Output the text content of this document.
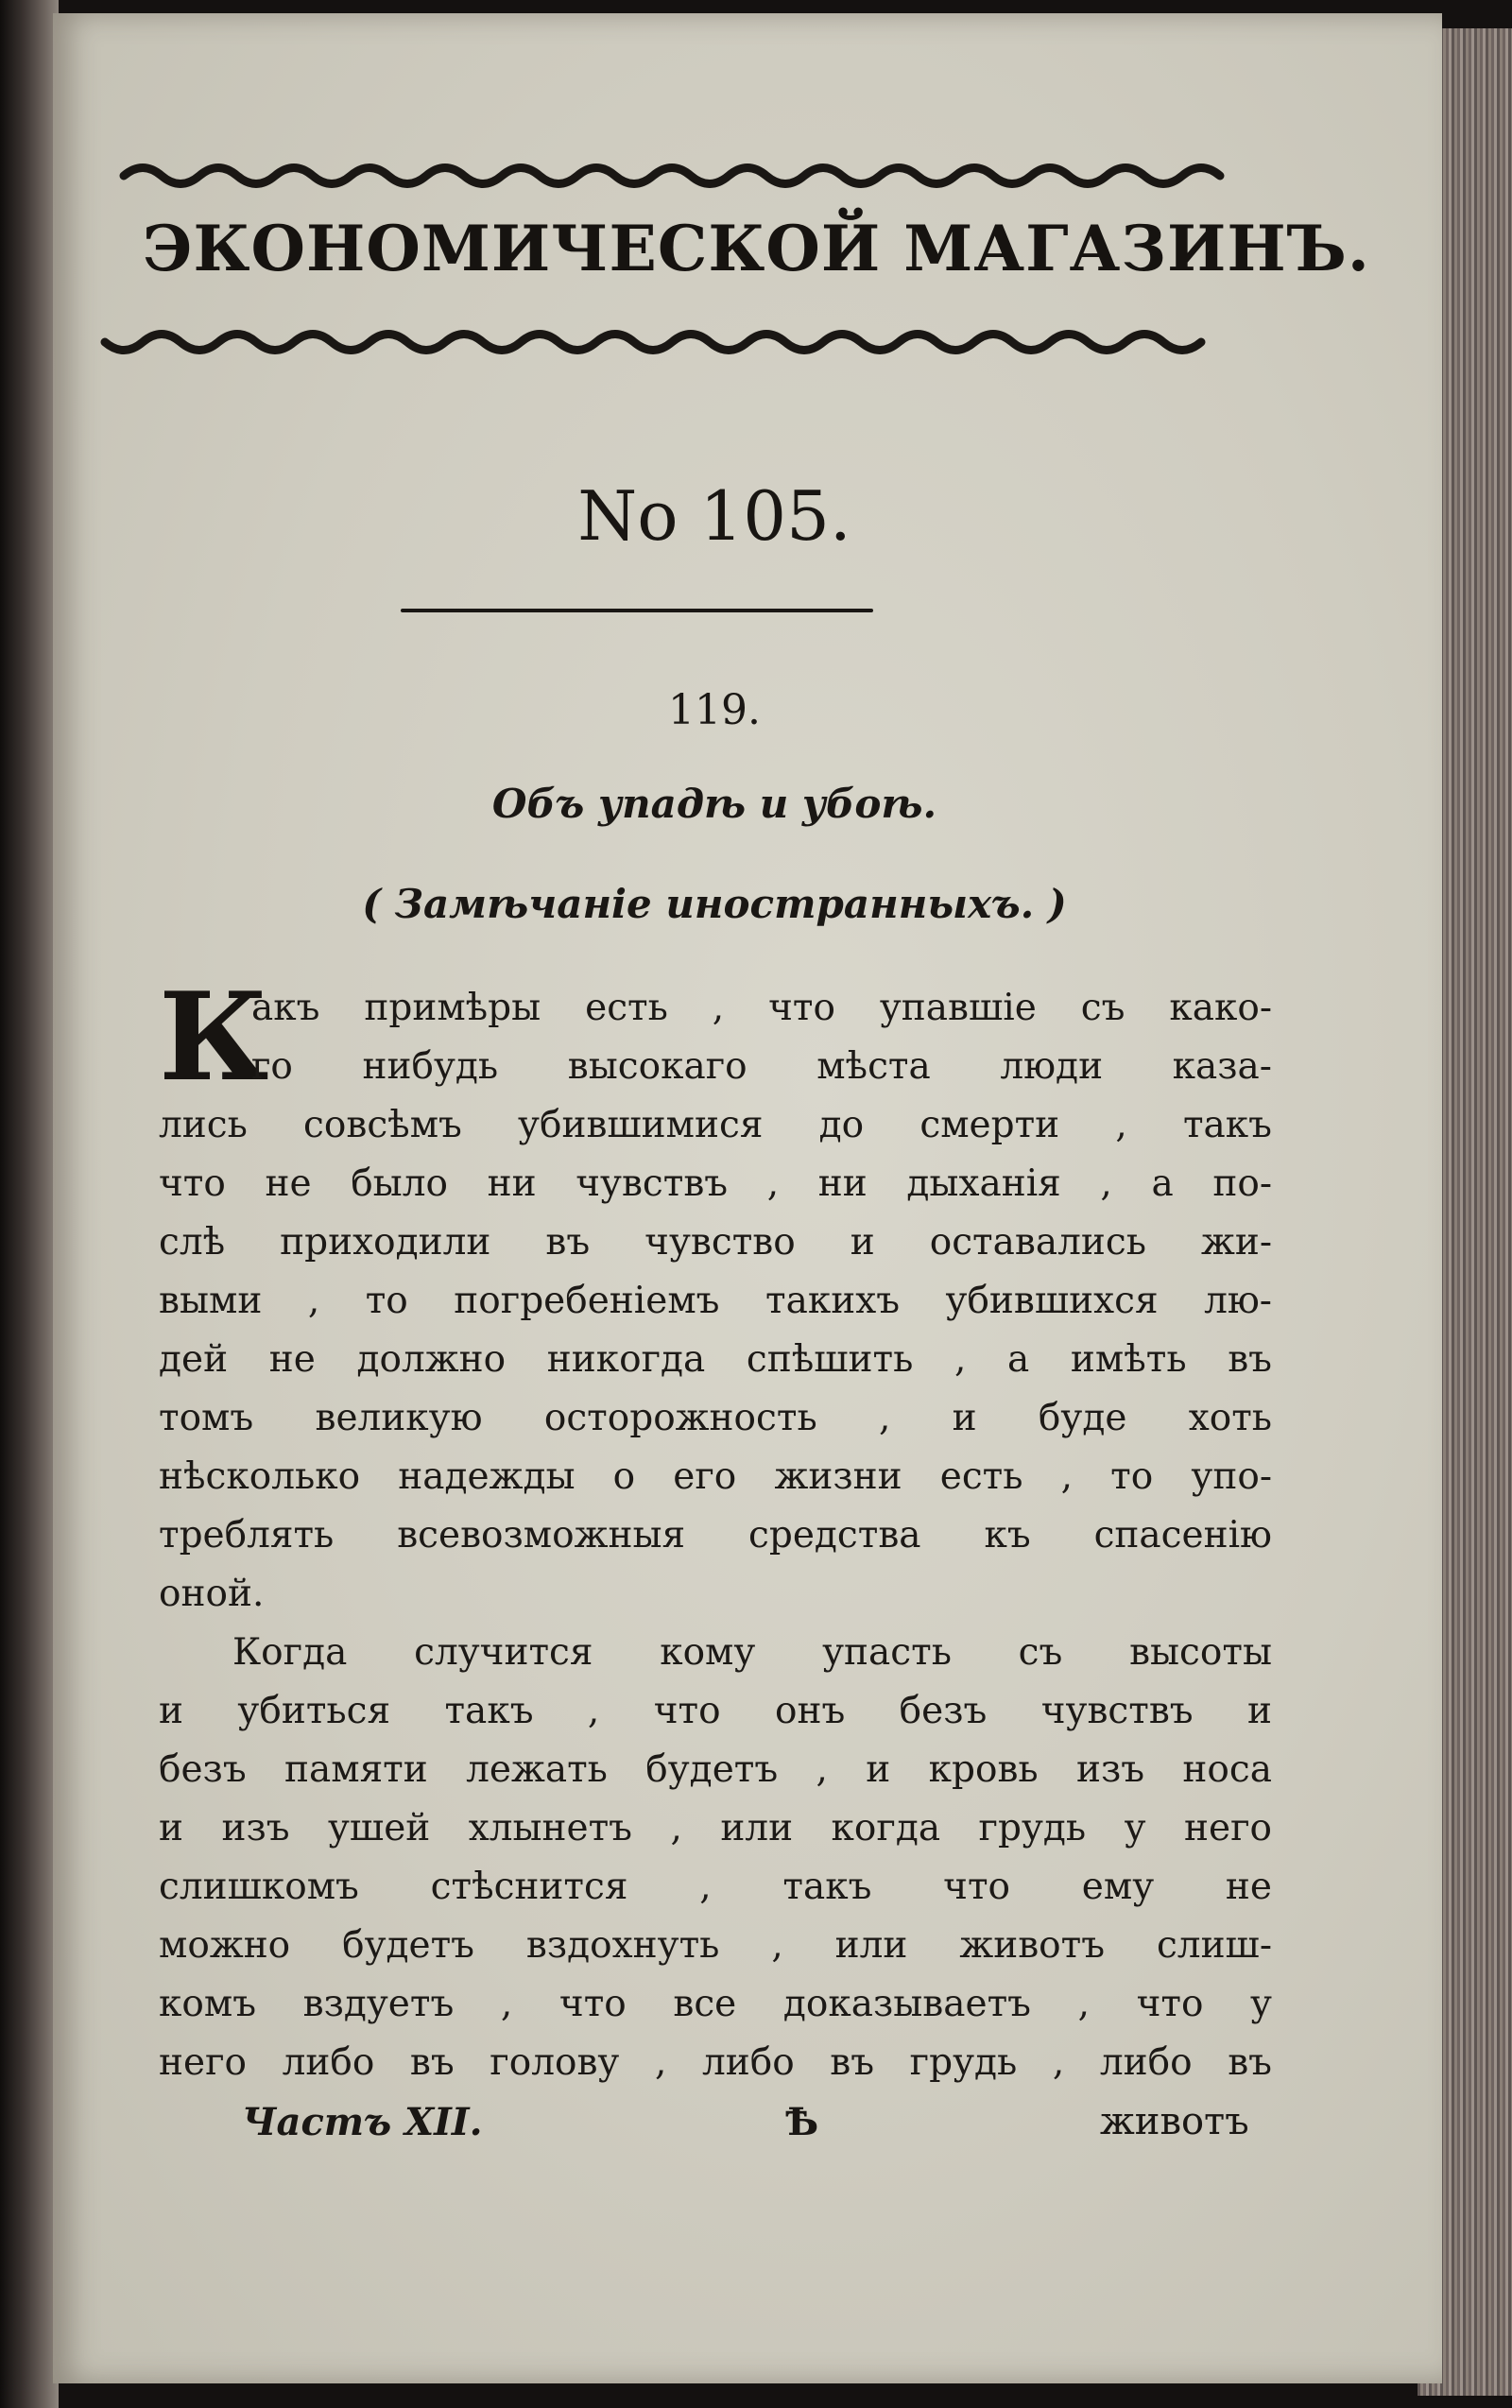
ЭКОНОМИЧЕСКОЙ МАГАЗИНЪ.
No 105.
119.
Объ упадѣ и убоѣ.
( Замѣчаніе иностранныхъ. )
К
акъ примѣры есть , что упавшіе съ како-
го нибудь высокаго мѣста люди каза-
лись совсѣмъ убившимися до смерти , такъ
что не было ни чувствъ , ни дыханія , а по-
слѣ приходили въ чувство и оставались жи-
выми , то погребеніемъ такихъ убившихся лю-
дей не должно никогда спѣшить , а имѣть въ
томъ великую осторожность , и буде хоть
нѣсколько надежды о его жизни есть , то упо-
треблять всевозможныя средства къ спасенію
оной.
Когда случится кому упасть съ высоты
и убиться такъ , что онъ безъ чувствъ и
безъ памяти лежать будетъ , и кровь изъ носа
и изъ ушей хлынетъ , или когда грудь у него
слишкомъ стѣснится , такъ что ему не
можно будетъ вздохнуть , или животъ слиш-
комъ вздуетъ , что все доказываетъ , что у
него либо въ голову , либо въ грудь , либо въ
Частъ XII.	Ѣ	животъ
